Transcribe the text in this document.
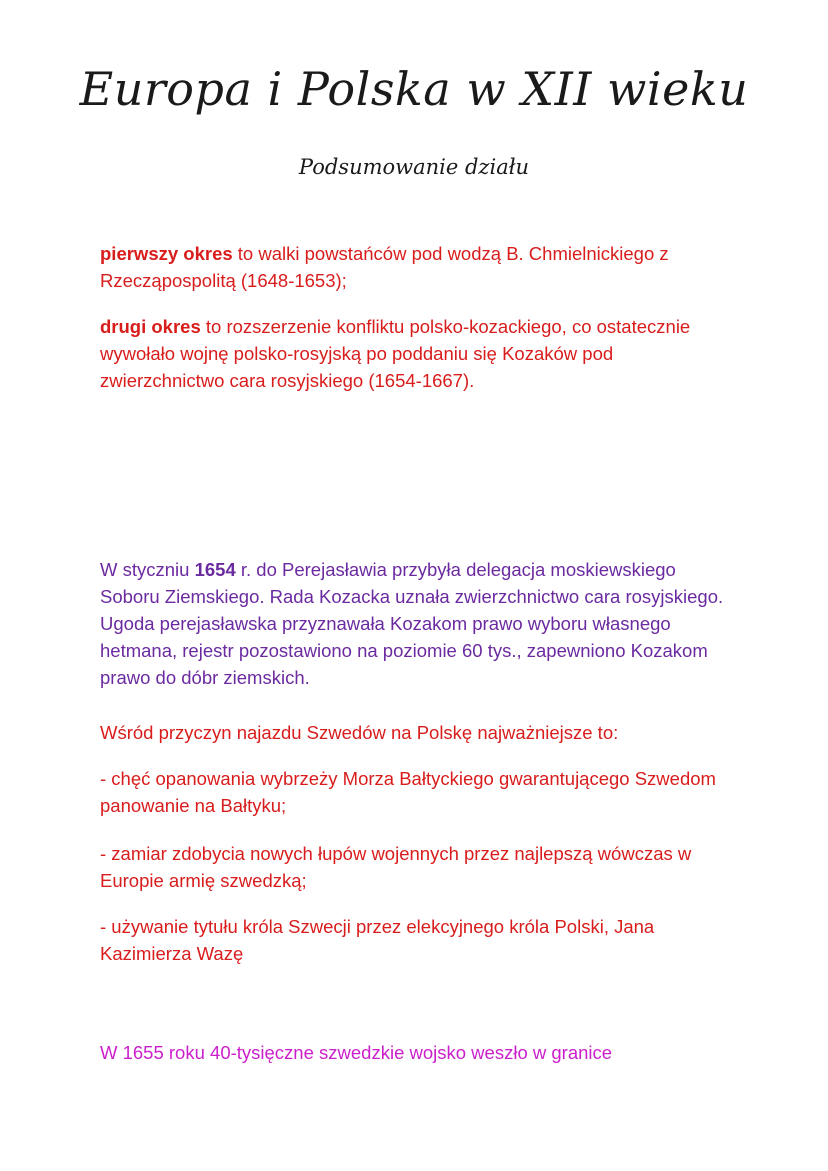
Europa i Polska w XII wieku
Podsumowanie działu

pierwszy okres to walki powstańców pod wodzą B. Chmielnickiego z Rzecząpospolitą (1648-1653);

drugi okres to rozszerzenie konfliktu polsko-kozackiego, co ostatecznie wywołało wojnę polsko-rosyjską po poddaniu się Kozaków pod zwierzchnictwo cara rosyjskiego (1654-1667).

W styczniu 1654 r. do Perejasławia przybyła delegacja moskiewskiego Soboru Ziemskiego. Rada Kozacka uznała zwierzchnictwo cara rosyjskiego. Ugoda perejasławska przyznawała Kozakom prawo wyboru własnego hetmana, rejestr pozostawiono na poziomie 60 tys., zapewniono Kozakom prawo do dóbr ziemskich.

Wśród przyczyn najazdu Szwedów na Polskę najważniejsze to:

- chęć opanowania wybrzeży Morza Bałtyckiego gwarantującego Szwedom panowanie na Bałtyku;

- zamiar zdobycia nowych łupów wojennych przez najlepszą wówczas w Europie armię szwedzką;

- używanie tytułu króla Szwecji przez elekcyjnego króla Polski, Jana Kazimierza Wazę

W 1655 roku 40-tysięczne szwedzkie wojsko weszło w granice
